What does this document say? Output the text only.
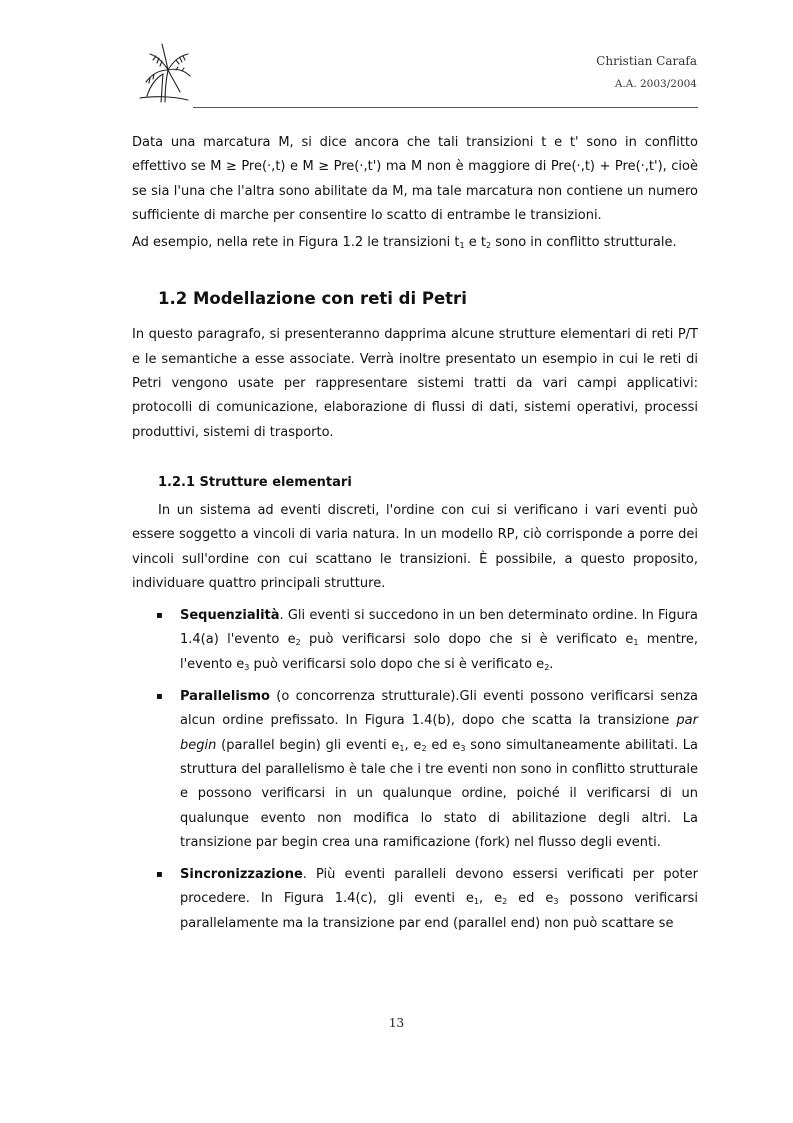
Christian Carafa
A.A. 2003/2004

Data una marcatura M, si dice ancora che tali transizioni t e t' sono in conflitto effettivo se M ≥ Pre(·,t) e M ≥ Pre(·,t') ma M non è maggiore di Pre(·,t) + Pre(·,t'), cioè se sia l'una che l'altra sono abilitate da M, ma tale marcatura non contiene un numero sufficiente di marche per consentire lo scatto di entrambe le transizioni.

Ad esempio, nella rete in Figura 1.2 le transizioni $t_1$ e $t_2$ sono in conflitto strutturale.

1.2 Modellazione con reti di Petri

In questo paragrafo, si presenteranno dapprima alcune strutture elementari di reti P/T e le semantiche a esse associate. Verrà inoltre presentato un esempio in cui le reti di Petri vengono usate per rappresentare sistemi tratti da vari campi applicativi: protocolli di comunicazione, elaborazione di flussi di dati, sistemi operativi, processi produttivi, sistemi di trasporto.

1.2.1 Strutture elementari

In un sistema ad eventi discreti, l'ordine con cui si verificano i vari eventi può essere soggetto a vincoli di varia natura. In un modello RP, ciò corrisponde a porre dei vincoli sull'ordine con cui scattano le transizioni. È possibile, a questo proposito, individuare quattro principali strutture.

▪ Sequenzialità. Gli eventi si succedono in un ben determinato ordine. In Figura 1.4(a) l'evento $e_2$ può verificarsi solo dopo che si è verificato $e_1$ mentre, l'evento $e_3$ può verificarsi solo dopo che si è verificato $e_2$.
▪ Parallelismo (o concorrenza strutturale).Gli eventi possono verificarsi senza alcun ordine prefissato. In Figura 1.4(b), dopo che scatta la transizione par begin (parallel begin) gli eventi $e_1$, $e_2$ ed $e_3$ sono simultaneamente abilitati. La struttura del parallelismo è tale che i tre eventi non sono in conflitto strutturale e possono verificarsi in un qualunque ordine, poiché il verificarsi di un qualunque evento non modifica lo stato di abilitazione degli altri. La transizione par begin crea una ramificazione (fork) nel flusso degli eventi.
▪ Sincronizzazione. Più eventi paralleli devono essersi verificati per poter procedere. In Figura 1.4(c), gli eventi $e_1$, $e_2$ ed $e_3$ possono verificarsi parallelamente ma la transizione par end (parallel end) non può scattare se
13
